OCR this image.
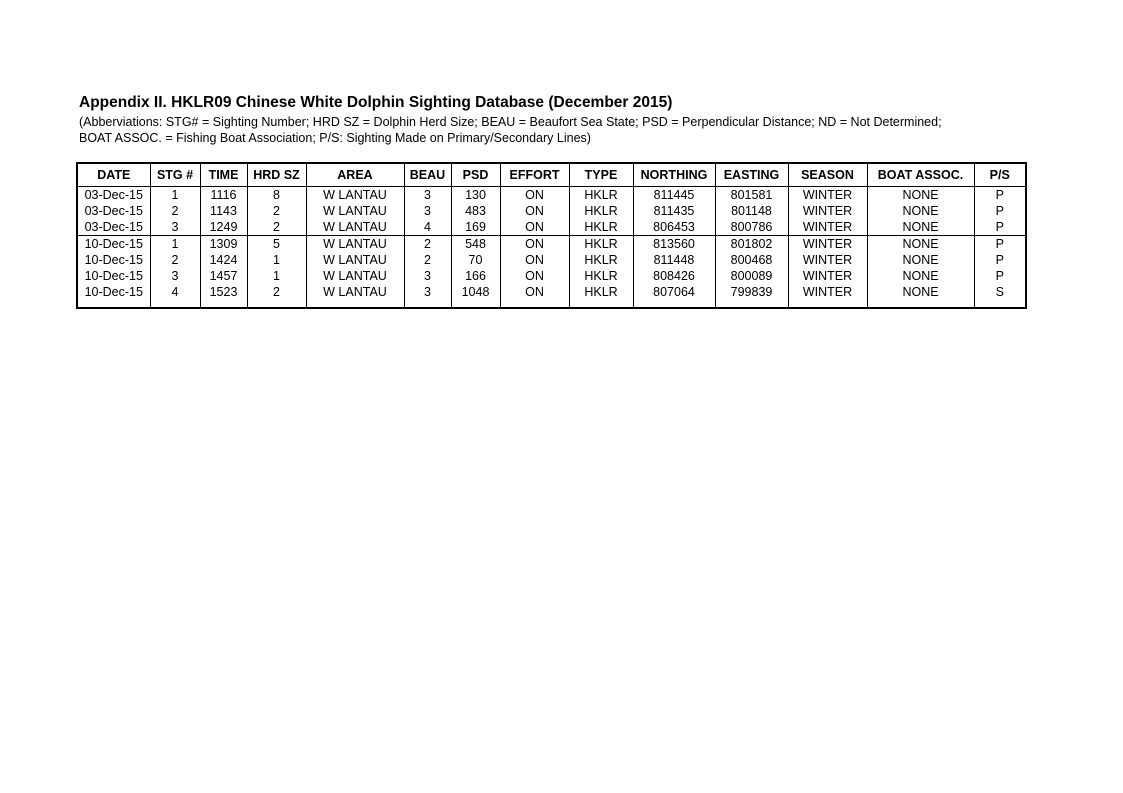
Appendix II. HKLR09 Chinese White Dolphin Sighting Database (December 2015)
(Abberviations: STG# = Sighting Number; HRD SZ = Dolphin Herd Size; BEAU = Beaufort Sea State; PSD = Perpendicular Distance; ND = Not Determined;
BOAT ASSOC. = Fishing Boat Association; P/S: Sighting Made on Primary/Secondary Lines)
DATE	STG #	TIME	HRD SZ	AREA	BEAU	PSD	EFFORT	TYPE	NORTHING	EASTING	SEASON	BOAT ASSOC.	P/S
03-Dec-15	1	1116	8	W LANTAU	3	130	ON	HKLR	811445	801581	WINTER	NONE	P
03-Dec-15	2	1143	2	W LANTAU	3	483	ON	HKLR	811435	801148	WINTER	NONE	P
03-Dec-15	3	1249	2	W LANTAU	4	169	ON	HKLR	806453	800786	WINTER	NONE	P
10-Dec-15	1	1309	5	W LANTAU	2	548	ON	HKLR	813560	801802	WINTER	NONE	P
10-Dec-15	2	1424	1	W LANTAU	2	70	ON	HKLR	811448	800468	WINTER	NONE	P
10-Dec-15	3	1457	1	W LANTAU	3	166	ON	HKLR	808426	800089	WINTER	NONE	P
10-Dec-15	4	1523	2	W LANTAU	3	1048	ON	HKLR	807064	799839	WINTER	NONE	S
